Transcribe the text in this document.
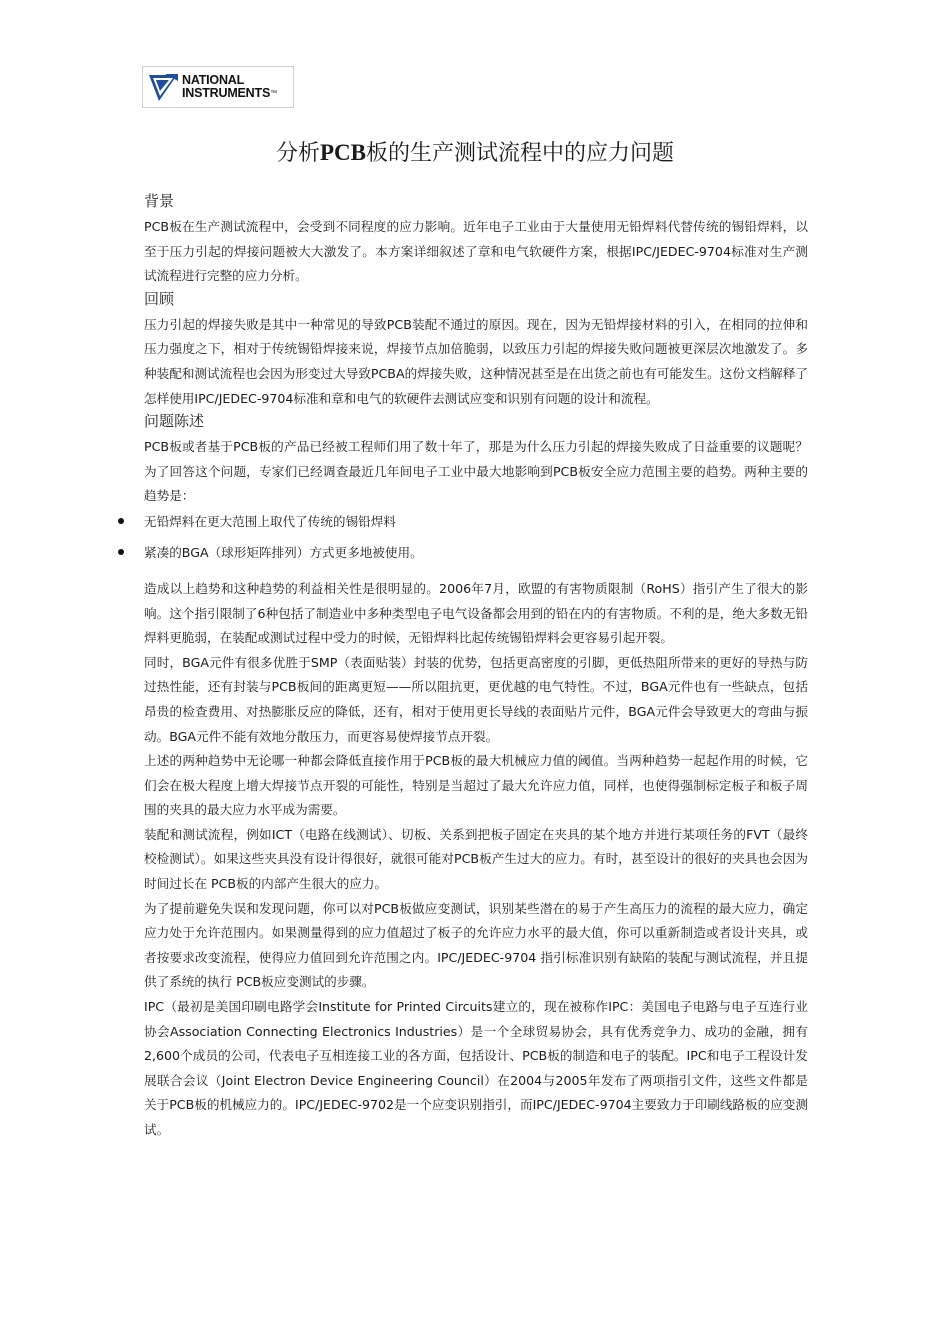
NATIONAL
INSTRUMENTS™
分析PCB板的生产测试流程中的应力问题
背景

PCB板在生产测试流程中，会受到不同程度的应力影响。近年电子工业由于大量使用无铅焊料代替传统的锡铅焊料，以至于压力引起的焊接问题被大大激发了。本方案详细叙述了章和电气软硬件方案，根据IPC/JEDEC-9704标准对生产测试流程进行完整的应力分析。

回顾

压力引起的焊接失败是其中一种常见的导致PCB装配不通过的原因。现在，因为无铅焊接材料的引入，在相同的拉伸和压力强度之下，相对于传统锡铅焊接来说，焊接节点加倍脆弱，以致压力引起的焊接失败问题被更深层次地激发了。多种装配和测试流程也会因为形变过大导致PCBA的焊接失败，这种情况甚至是在出货之前也有可能发生。这份文档解释了怎样使用IPC/JEDEC-9704标准和章和电气的软硬件去测试应变和识别有问题的设计和流程。

问题陈述

PCB板或者基于PCB板的产品已经被工程师们用了数十年了，那是为什么压力引起的焊接失败成了日益重要的议题呢？为了回答这个问题，专家们已经调查最近几年间电子工业中最大地影响到PCB板安全应力范围主要的趋势。两种主要的趋势是：

无铅焊料在更大范围上取代了传统的锡铅焊料
紧凑的BGA（球形矩阵排列）方式更多地被使用。

造成以上趋势和这种趋势的利益相关性是很明显的。2006年7月，欧盟的有害物质限制（RoHS）指引产生了很大的影响。这个指引限制了6种包括了制造业中多种类型电子电气设备都会用到的铅在内的有害物质。不利的是，绝大多数无铅焊料更脆弱，在装配或测试过程中受力的时候，无铅焊料比起传统锡铅焊料会更容易引起开裂。

同时，BGA元件有很多优胜于SMP（表面贴装）封装的优势，包括更高密度的引脚，更低热阻所带来的更好的导热与防过热性能，还有封装与PCB板间的距离更短——所以阻抗更，更优越的电气特性。不过，BGA元件也有一些缺点，包括昂贵的检查费用、对热膨胀反应的降低，还有，相对于使用更长导线的表面贴片元件，BGA元件会导致更大的弯曲与振动。BGA元件不能有效地分散压力，而更容易使焊接节点开裂。

上述的两种趋势中无论哪一种都会降低直接作用于PCB板的最大机械应力值的阈值。当两种趋势一起起作用的时候，它们会在极大程度上增大焊接节点开裂的可能性，特别是当超过了最大允许应力值，同样，也使得强制标定板子和板子周围的夹具的最大应力水平成为需要。

装配和测试流程，例如ICT（电路在线测试）、切板、关系到把板子固定在夹具的某个地方并进行某项任务的FVT（最终校检测试）。如果这些夹具没有设计得很好，就很可能对PCB板产生过大的应力。有时，甚至设计的很好的夹具也会因为时间过长在 PCB板的内部产生很大的应力。

为了提前避免失误和发现问题，你可以对PCB板做应变测试，识别某些潜在的易于产生高压力的流程的最大应力，确定应力处于允许范围内。如果测量得到的应力值超过了板子的允许应力水平的最大值，你可以重新制造或者设计夹具，或者按要求改变流程，使得应力值回到允许范围之内。IPC/JEDEC-9704 指引标准识别有缺陷的装配与测试流程，并且提供了系统的执行 PCB板应变测试的步骤。

IPC（最初是美国印刷电路学会Institute for Printed Circuits建立的，现在被称作IPC：美国电子电路与电子互连行业协会Association Connecting Electronics Industries）是一个全球贸易协会，具有优秀竞争力、成功的金融，拥有2,600个成员的公司，代表电子互相连接工业的各方面，包括设计、PCB板的制造和电子的装配。IPC和电子工程设计发展联合会议（Joint Electron Device Engineering Council）在2004与2005年发布了两项指引文件，这些文件都是关于PCB板的机械应力的。IPC/JEDEC-9702是一个应变识别指引，而IPC/JEDEC-9704主要致力于印刷线路板的应变测试。
